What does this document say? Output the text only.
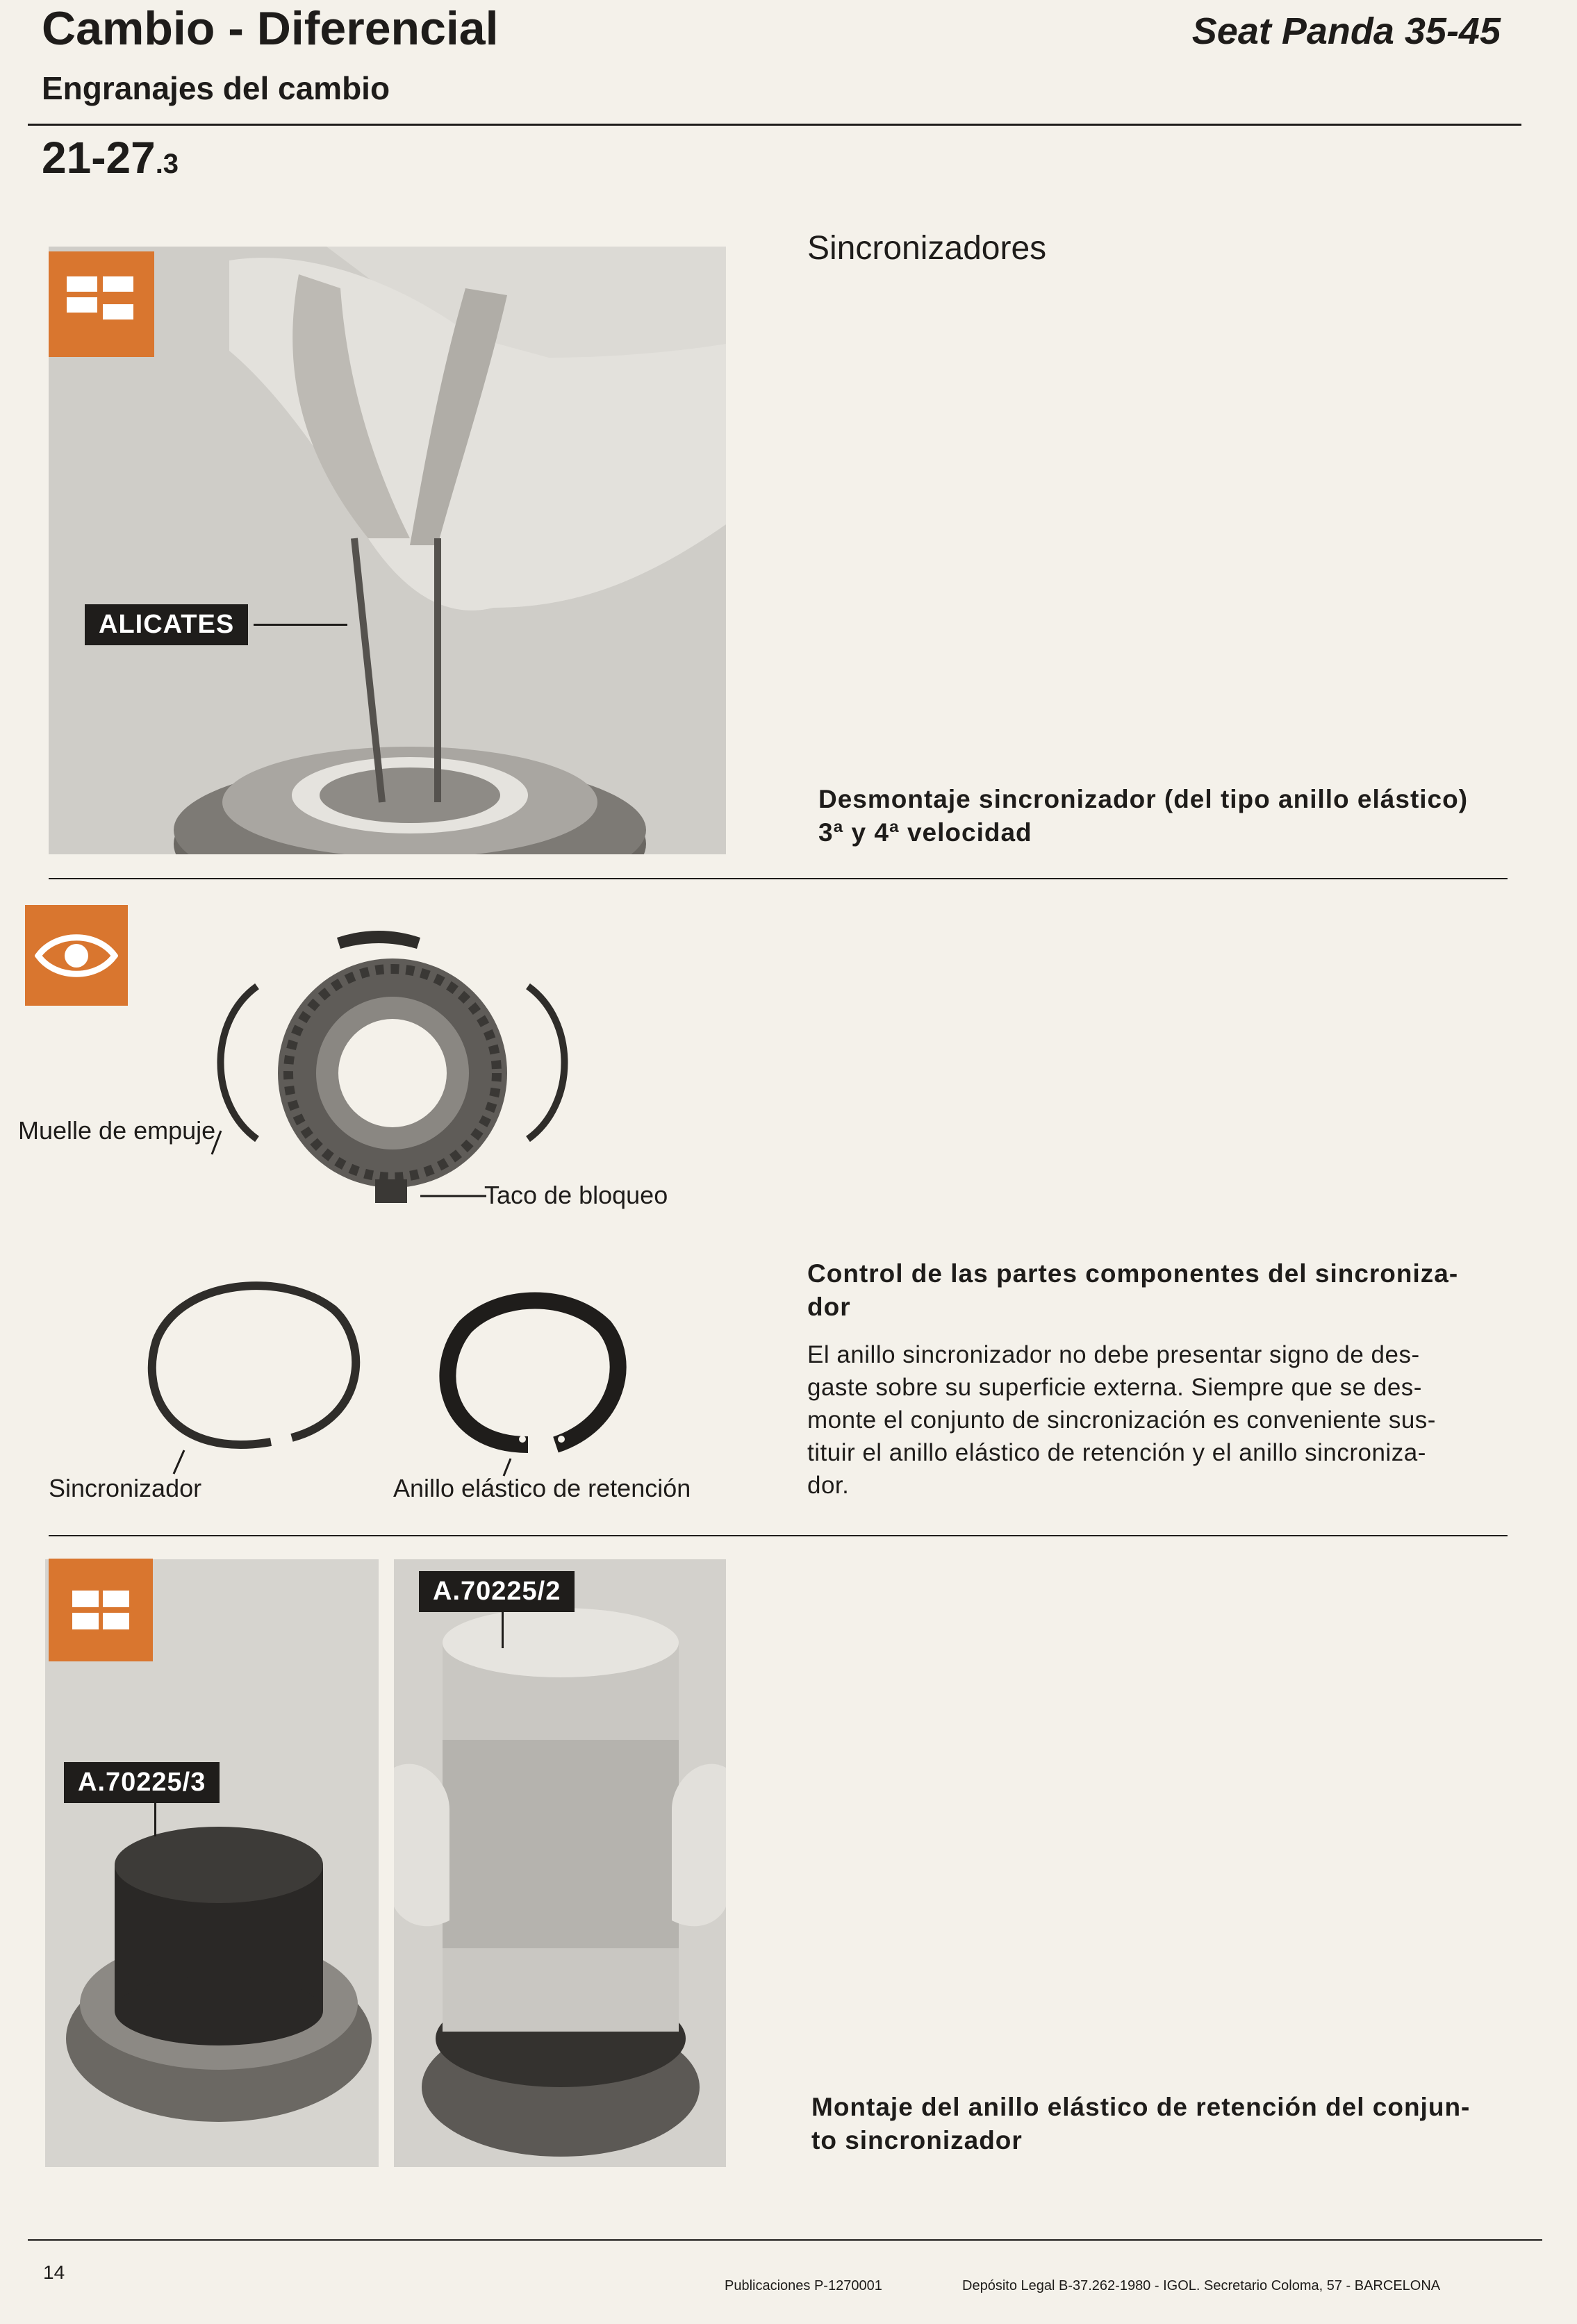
Cambio - Diferencial
Engranajes del cambio
Seat Panda 35-45
21-27.3
ALICATES
Sincronizadores
Desmontaje sincronizador (del tipo anillo elástico)
3ª y 4ª velocidad
Muelle de empuje
Taco de bloqueo
Sincronizador	Anillo elástico de retención
Control de las partes componentes del sincroniza-
dor
El anillo sincronizador no debe presentar signo de des-
gaste sobre su superficie externa. Siempre que se des-
monte el conjunto de sincronización es conveniente sus-
tituir el anillo elástico de retención y el anillo sincroniza-
dor.
A.70225/3
A.70225/2
Montaje del anillo elástico de retención del conjun-
to sincronizador
14
Publicaciones P-1270001	Depósito Legal B-37.262-1980 - IGOL. Secretario Coloma, 57 - BARCELONA
